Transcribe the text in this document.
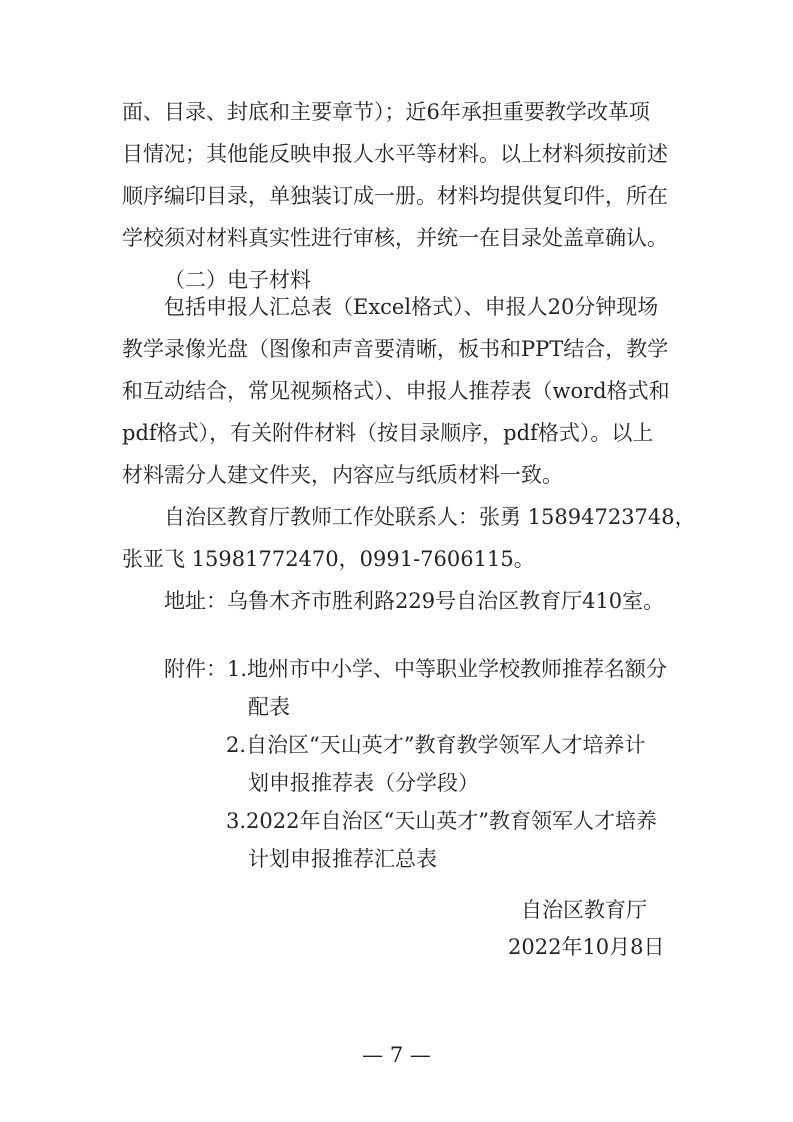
面、目录、封底和主要章节）；近6年承担重要教学改革项
目情况；其他能反映申报人水平等材料。以上材料须按前述
顺序编印目录，单独装订成一册。材料均提供复印件，所在
学校须对材料真实性进行审核，并统一在目录处盖章确认。
（二）电子材料
包括申报人汇总表（Excel格式）、申报人20分钟现场
教学录像光盘（图像和声音要清晰，板书和PPT结合，教学
和互动结合，常见视频格式）、申报人推荐表（word格式和
pdf格式），有关附件材料（按目录顺序，pdf格式）。以上
材料需分人建文件夹，内容应与纸质材料一致。
自治区教育厅教师工作处联系人：张勇 15894723748，
张亚飞 15981772470，0991-7606115。
地址：乌鲁木齐市胜利路229号自治区教育厅410室。
附件：1.地州市中小学、中等职业学校教师推荐名额分
配表
2.自治区“天山英才”教育教学领军人才培养计
划申报推荐表（分学段）
3.2022年自治区“天山英才”教育领军人才培养
计划申报推荐汇总表
自治区教育厅
2022年10月8日
— 7 —
